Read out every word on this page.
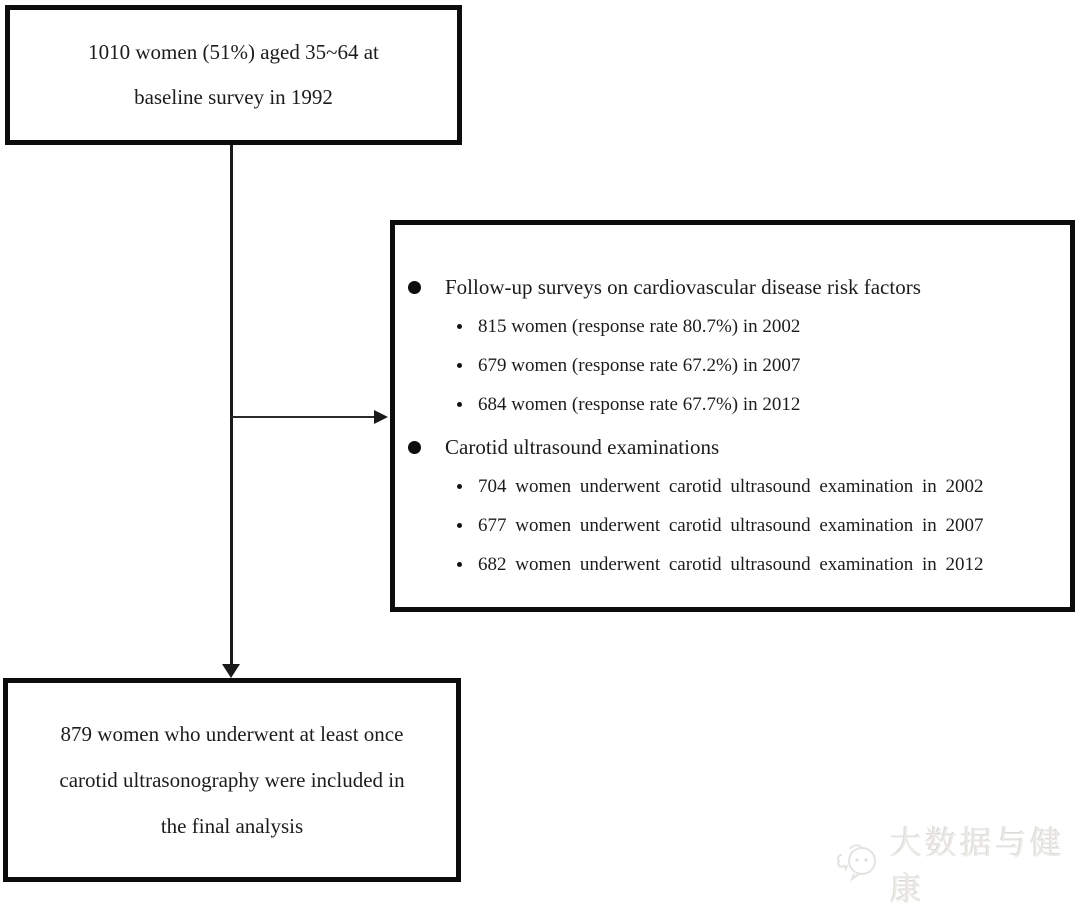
1010 women (51%) aged 35~64 at
baseline survey in 1992
Follow-up surveys on cardiovascular disease risk factors
815 women (response rate 80.7%) in 2002
679 women (response rate 67.2%) in 2007
684 women (response rate 67.7%) in 2012
Carotid ultrasound examinations
704 women underwent carotid ultrasound examination in 2002
677 women underwent carotid ultrasound examination in 2007
682 women underwent carotid ultrasound examination in 2012
879 women who underwent at least once
carotid ultrasonography were included in
the final analysis	大数据与健康
